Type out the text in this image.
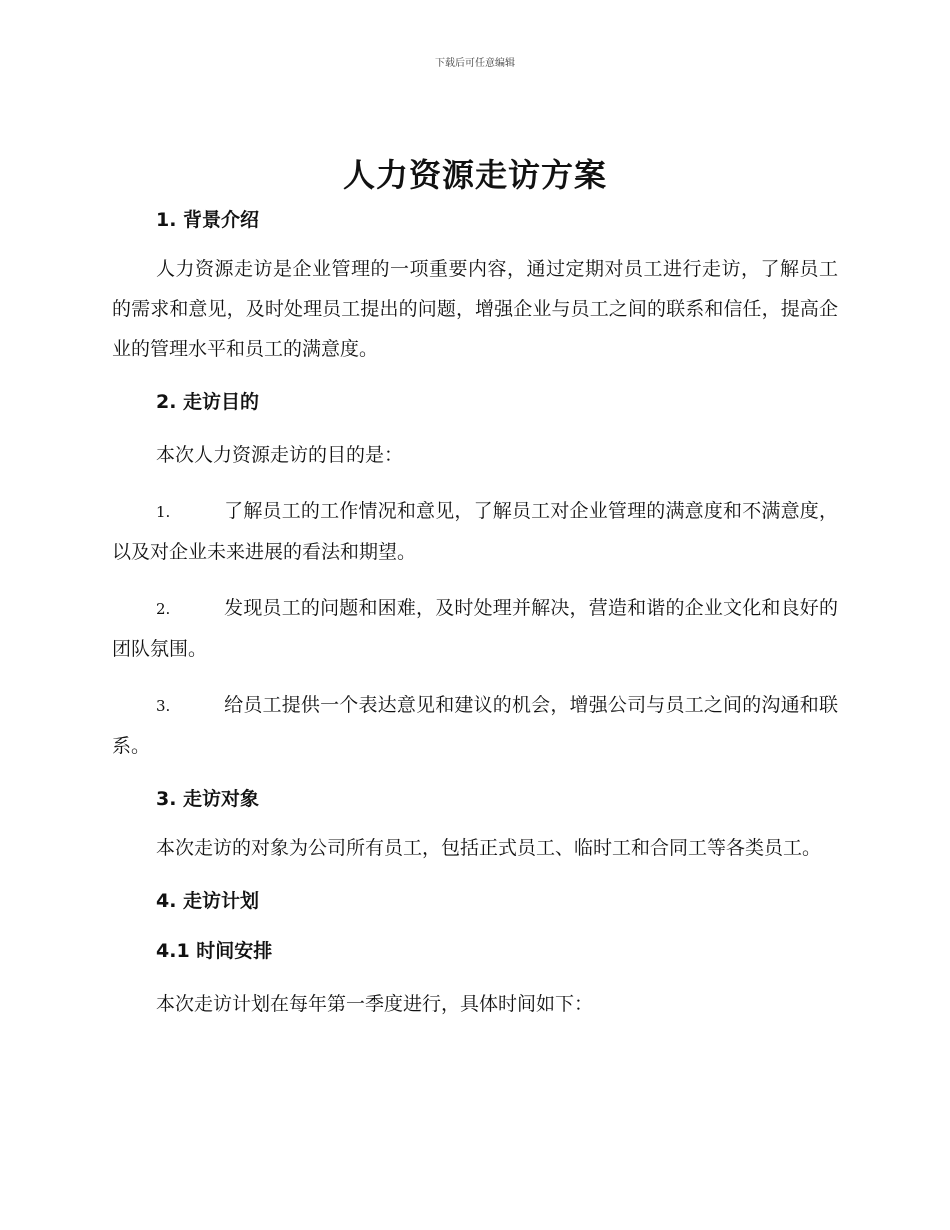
下载后可任意编辑
人力资源走访方案

1. 背景介绍

人力资源走访是企业管理的一项重要内容，通过定期对员工进行走访，了解员工的需求和意见，及时处理员工提出的问题，增强企业与员工之间的联系和信任，提高企业的管理水平和员工的满意度。

2. 走访目的

本次人力资源走访的目的是：

1.	了解员工的工作情况和意见，了解员工对企业管理的满意度和不满意度，以及对企业未来进展的看法和期望。

2.	发现员工的问题和困难，及时处理并解决，营造和谐的企业文化和良好的团队氛围。

3.	给员工提供一个表达意见和建议的机会，增强公司与员工之间的沟通和联系。

3. 走访对象

本次走访的对象为公司所有员工，包括正式员工、临时工和合同工等各类员工。

4. 走访计划

4.1 时间安排

本次走访计划在每年第一季度进行，具体时间如下：
